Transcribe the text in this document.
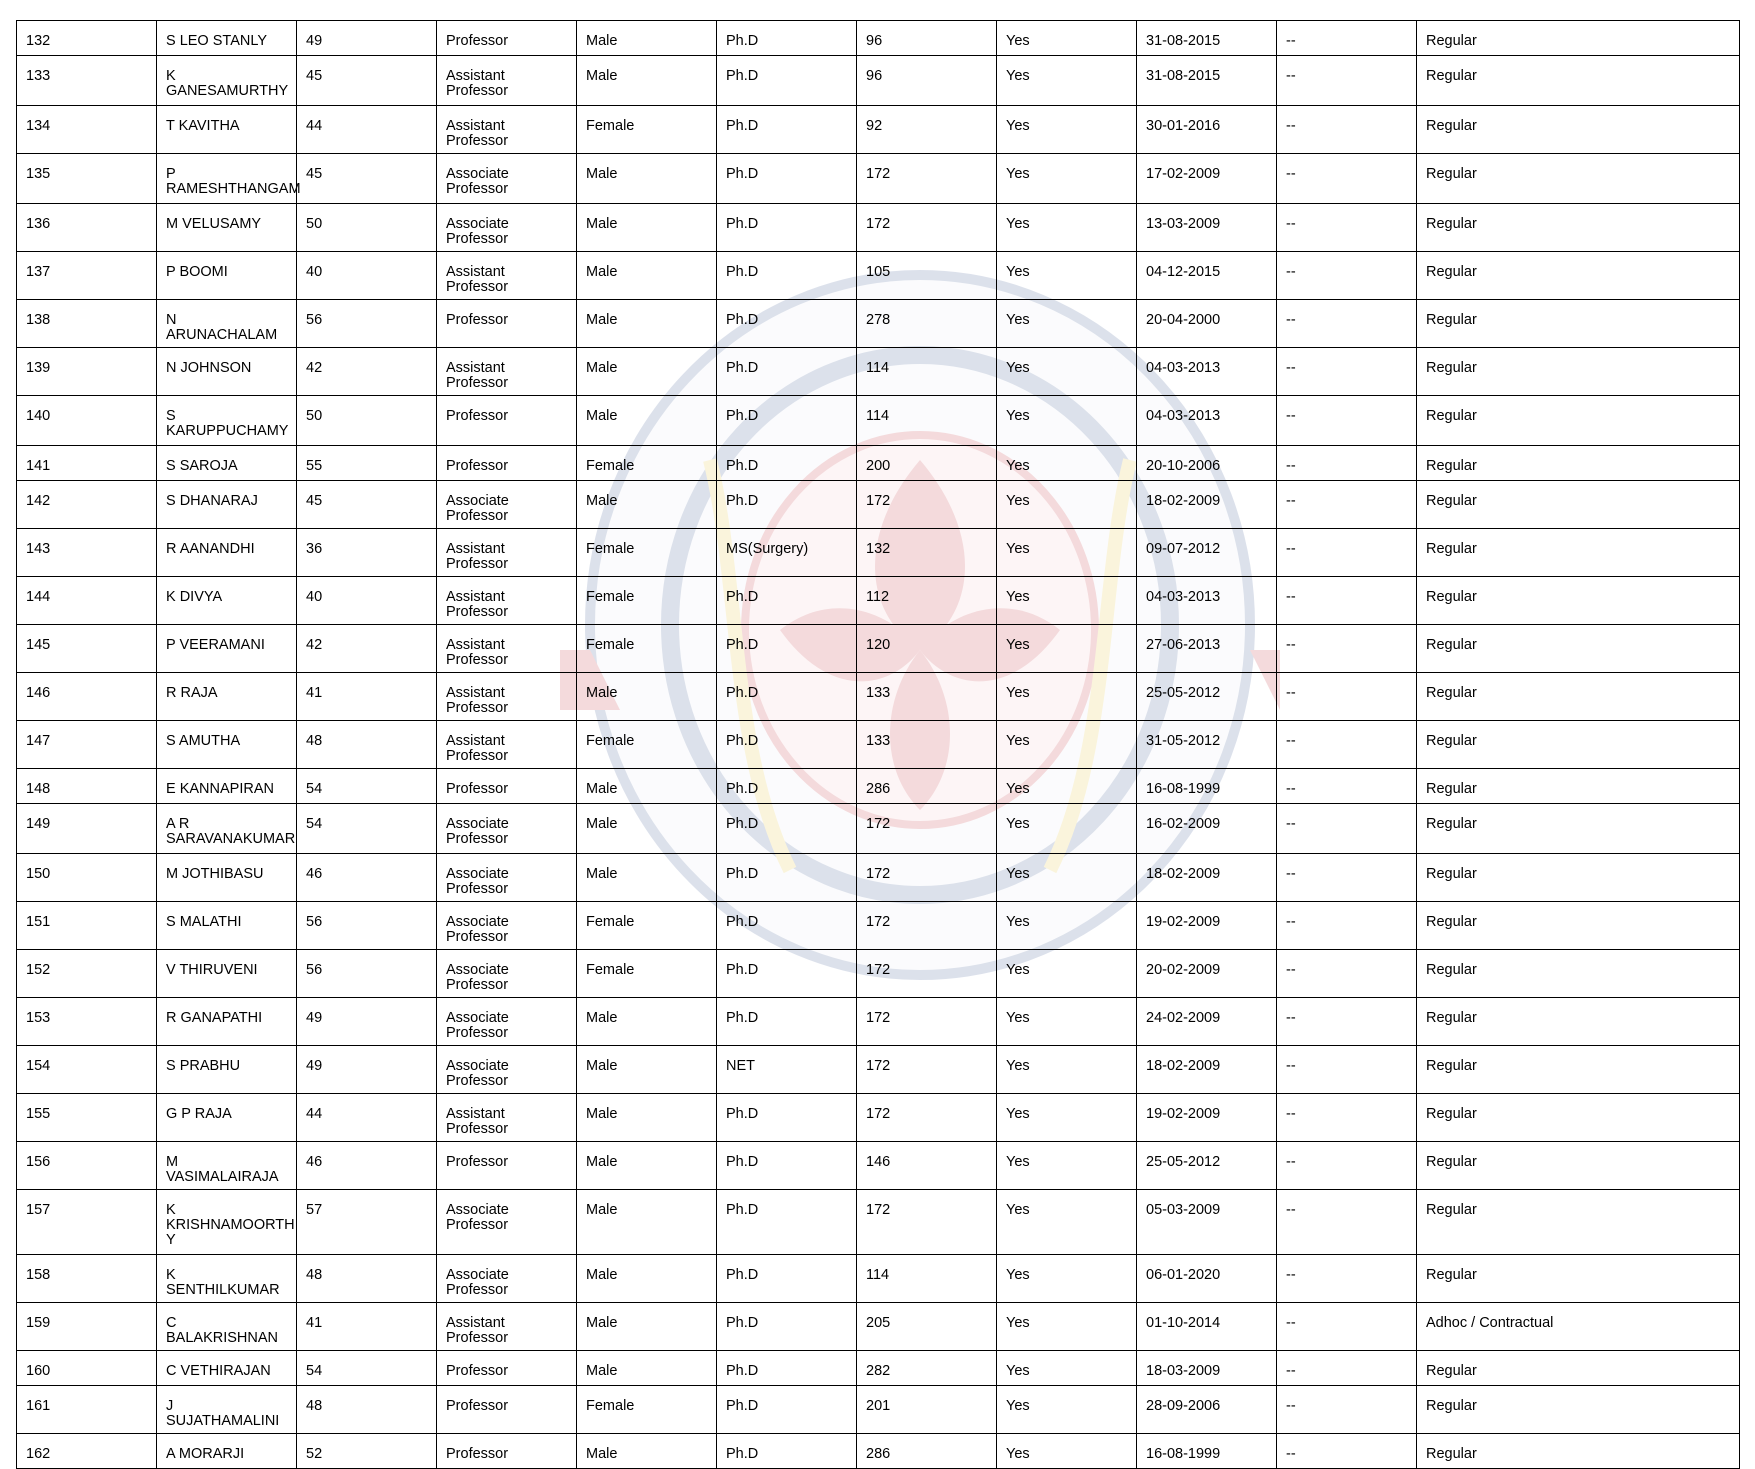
132	S LEO STANLY	49	Professor	Male	Ph.D	96	Yes	31-08-2015	--	Regular
133	K
GANESAMURTHY	45	Assistant Professor	Male	Ph.D	96	Yes	31-08-2015	--	Regular
134	T KAVITHA	44	Assistant Professor	Female	Ph.D	92	Yes	30-01-2016	--	Regular
135	P
RAMESHTHANGAM	45	Associate Professor	Male	Ph.D	172	Yes	17-02-2009	--	Regular
136	M VELUSAMY	50	Associate Professor	Male	Ph.D	172	Yes	13-03-2009	--	Regular
137	P BOOMI	40	Assistant Professor	Male	Ph.D	105	Yes	04-12-2015	--	Regular
138	N ARUNACHALAM	56	Professor	Male	Ph.D	278	Yes	20-04-2000	--	Regular
139	N JOHNSON	42	Assistant Professor	Male	Ph.D	114	Yes	04-03-2013	--	Regular
140	S
KARUPPUCHAMY	50	Professor	Male	Ph.D	114	Yes	04-03-2013	--	Regular
141	S SAROJA	55	Professor	Female	Ph.D	200	Yes	20-10-2006	--	Regular
142	S DHANARAJ	45	Associate Professor	Male	Ph.D	172	Yes	18-02-2009	--	Regular
143	R AANANDHI	36	Assistant Professor	Female	MS(Surgery)	132	Yes	09-07-2012	--	Regular
144	K DIVYA	40	Assistant Professor	Female	Ph.D	112	Yes	04-03-2013	--	Regular
145	P VEERAMANI	42	Assistant Professor	Female	Ph.D	120	Yes	27-06-2013	--	Regular
146	R RAJA	41	Assistant Professor	Male	Ph.D	133	Yes	25-05-2012	--	Regular
147	S AMUTHA	48	Assistant Professor	Female	Ph.D	133	Yes	31-05-2012	--	Regular
148	E KANNAPIRAN	54	Professor	Male	Ph.D	286	Yes	16-08-1999	--	Regular
149	A R
SARAVANAKUMAR	54	Associate Professor	Male	Ph.D	172	Yes	16-02-2009	--	Regular
150	M JOTHIBASU	46	Associate Professor	Male	Ph.D	172	Yes	18-02-2009	--	Regular
151	S MALATHI	56	Associate Professor	Female	Ph.D	172	Yes	19-02-2009	--	Regular
152	V THIRUVENI	56	Associate Professor	Female	Ph.D	172	Yes	20-02-2009	--	Regular
153	R GANAPATHI	49	Associate Professor	Male	Ph.D	172	Yes	24-02-2009	--	Regular
154	S PRABHU	49	Associate Professor	Male	NET	172	Yes	18-02-2009	--	Regular
155	G P RAJA	44	Assistant Professor	Male	Ph.D	172	Yes	19-02-2009	--	Regular
156	M VASIMALAIRAJA	46	Professor	Male	Ph.D	146	Yes	25-05-2012	--	Regular
157	K
KRISHNAMOORTH
Y	57	Associate Professor	Male	Ph.D	172	Yes	05-03-2009	--	Regular
158	K SENTHILKUMAR	48	Associate Professor	Male	Ph.D	114	Yes	06-01-2020	--	Regular
159	C BALAKRISHNAN	41	Assistant Professor	Male	Ph.D	205	Yes	01-10-2014	--	Adhoc / Contractual
160	C VETHIRAJAN	54	Professor	Male	Ph.D	282	Yes	18-03-2009	--	Regular
161	J SUJATHAMALINI	48	Professor	Female	Ph.D	201	Yes	28-09-2006	--	Regular
162	A MORARJI	52	Professor	Male	Ph.D	286	Yes	16-08-1999	--	Regular
